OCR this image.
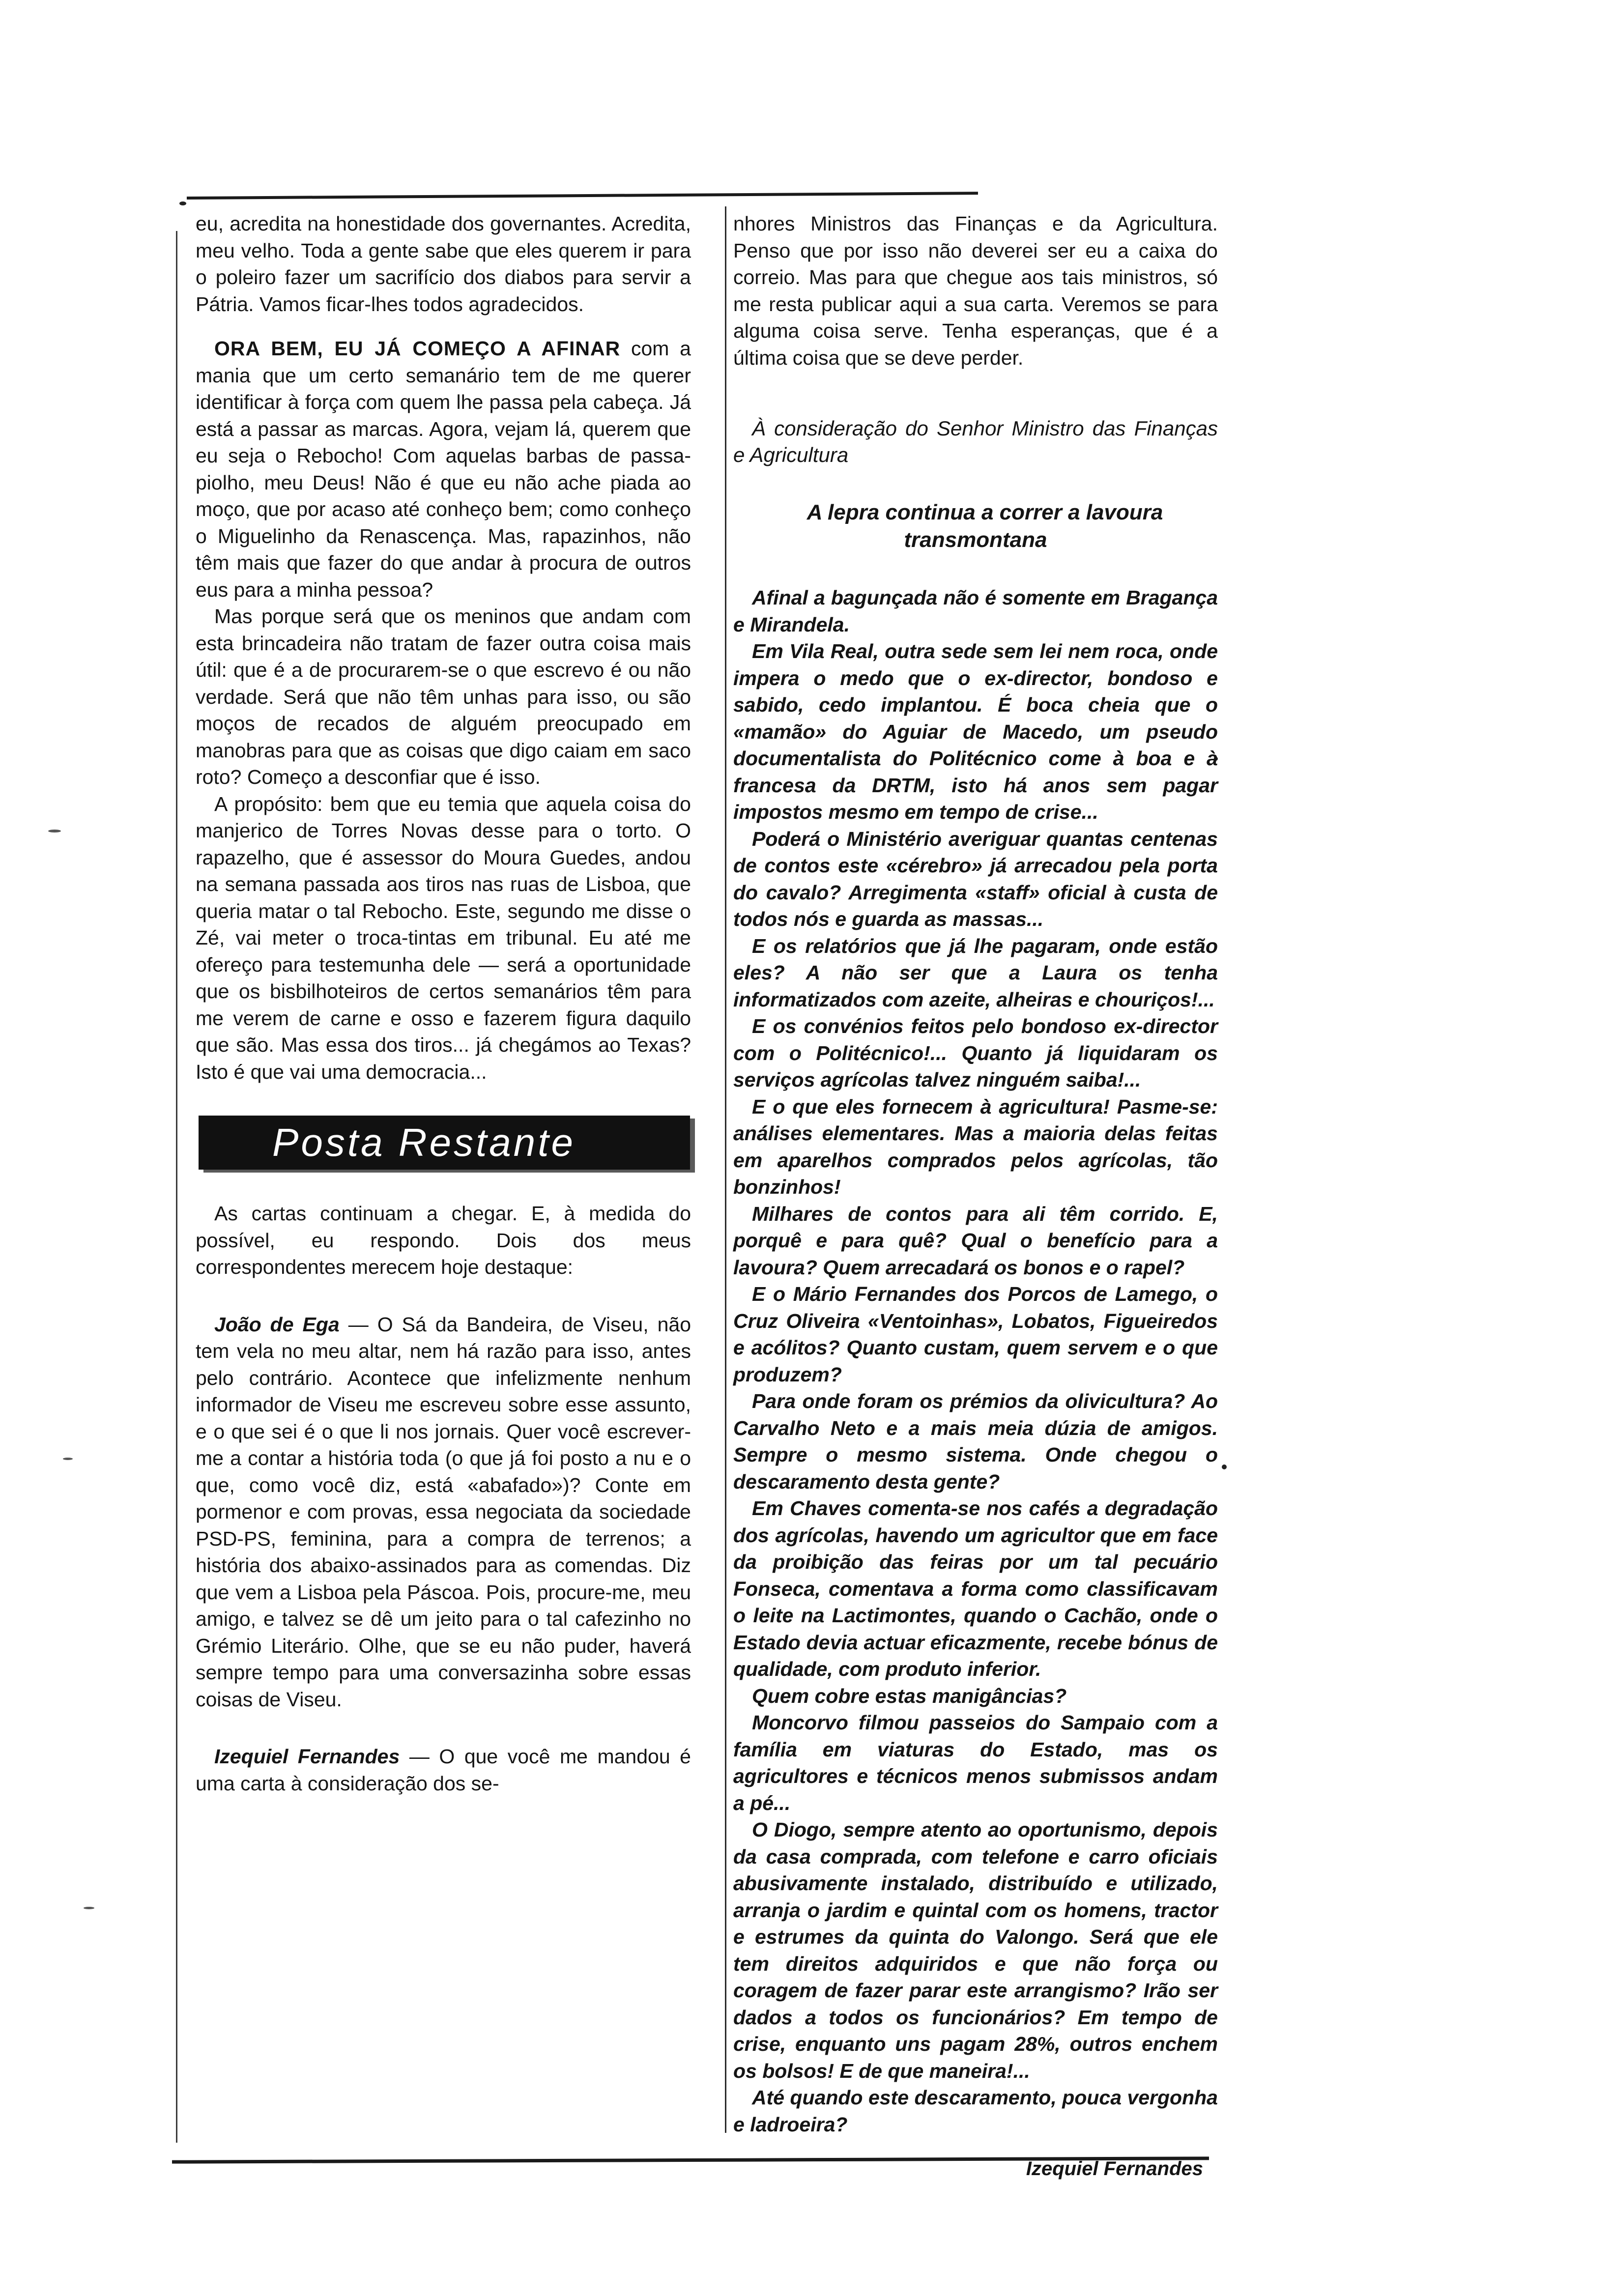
eu, acredita na honestidade dos governantes. Acredita, meu velho. Toda a gente sabe que eles querem ir para o poleiro fazer um sacrifício dos diabos para servir a Pátria. Vamos ficar-lhes todos agradecidos.

ORA BEM, EU JÁ COMEÇO A AFINAR com a mania que um certo semanário tem de me querer identificar à força com quem lhe passa pela cabeça. Já está a passar as marcas. Agora, vejam lá, querem que eu seja o Rebocho! Com aquelas barbas de passa-piolho, meu Deus! Não é que eu não ache piada ao moço, que por acaso até conheço bem; como conheço o Miguelinho da Renascença. Mas, rapazinhos, não têm mais que fazer do que andar à procura de outros eus para a minha pessoa?

Mas porque será que os meninos que andam com esta brincadeira não tratam de fazer outra coisa mais útil: que é a de procurarem-se o que escrevo é ou não verdade. Será que não têm unhas para isso, ou são moços de recados de alguém preocupado em manobras para que as coisas que digo caiam em saco roto? Começo a desconfiar que é isso.

A propósito: bem que eu temia que aquela coisa do manjerico de Torres Novas desse para o torto. O rapazelho, que é assessor do Moura Guedes, andou na semana passada aos tiros nas ruas de Lisboa, que queria matar o tal Rebocho. Este, segundo me disse o Zé, vai meter o troca-tintas em tribunal. Eu até me ofereço para testemunha dele — será a oportunidade que os bisbilhoteiros de certos semanários têm para me verem de carne e osso e fazerem figura daquilo que são. Mas essa dos tiros... já chegámos ao Texas? Isto é que vai uma democracia...

Posta Restante

As cartas continuam a chegar. E, à medida do possível, eu respondo. Dois dos meus correspondentes merecem hoje destaque:

João de Ega — O Sá da Bandeira, de Viseu, não tem vela no meu altar, nem há razão para isso, antes pelo contrário. Acontece que infelizmente nenhum informador de Viseu me escreveu sobre esse assunto, e o que sei é o que li nos jornais. Quer você escrever-me a contar a história toda (o que já foi posto a nu e o que, como você diz, está «abafado»)? Conte em pormenor e com provas, essa negociata da sociedade PSD-PS, feminina, para a compra de terrenos; a história dos abaixo-assinados para as comendas. Diz que vem a Lisboa pela Páscoa. Pois, procure-me, meu amigo, e talvez se dê um jeito para o tal cafezinho no Grémio Literário. Olhe, que se eu não puder, haverá sempre tempo para uma conversazinha sobre essas coisas de Viseu.

Izequiel Fernandes — O que você me mandou é uma carta à consideração dos se-

nhores Ministros das Finanças e da Agricultura. Penso que por isso não deverei ser eu a caixa do correio. Mas para que chegue aos tais ministros, só me resta publicar aqui a sua carta. Veremos se para alguma coisa serve. Tenha esperanças, que é a última coisa que se deve perder.

À consideração do Senhor Ministro das Finanças e Agricultura

A lepra continua a correr a lavoura transmontana

Afinal a bagunçada não é somente em Bragança e Mirandela.

Em Vila Real, outra sede sem lei nem roca, onde impera o medo que o ex-director, bondoso e sabido, cedo implantou. É boca cheia que o «mamão» do Aguiar de Macedo, um pseudo documentalista do Politécnico come à boa e à francesa da DRTM, isto há anos sem pagar impostos mesmo em tempo de crise...

Poderá o Ministério averiguar quantas centenas de contos este «cérebro» já arrecadou pela porta do cavalo? Arregimenta «staff» oficial à custa de todos nós e guarda as massas...

E os relatórios que já lhe pagaram, onde estão eles? A não ser que a Laura os tenha informatizados com azeite, alheiras e chouriços!...

E os convénios feitos pelo bondoso ex-director com o Politécnico!... Quanto já liquidaram os serviços agrícolas talvez ninguém saiba!...

E o que eles fornecem à agricultura! Pasme-se: análises elementares. Mas a maioria delas feitas em aparelhos comprados pelos agrícolas, tão bonzinhos!

Milhares de contos para ali têm corrido. E, porquê e para quê? Qual o benefício para a lavoura? Quem arrecadará os bonos e o rapel?

E o Mário Fernandes dos Porcos de Lamego, o Cruz Oliveira «Ventoinhas», Lobatos, Figueiredos e acólitos? Quanto custam, quem servem e o que produzem?

Para onde foram os prémios da olivicultura? Ao Carvalho Neto e a mais meia dúzia de amigos. Sempre o mesmo sistema. Onde chegou o descaramento desta gente?

Em Chaves comenta-se nos cafés a degradação dos agrícolas, havendo um agricultor que em face da proibição das feiras por um tal pecuário Fonseca, comentava a forma como classificavam o leite na Lactimontes, quando o Cachão, onde o Estado devia actuar eficazmente, recebe bónus de qualidade, com produto inferior.

Quem cobre estas manigâncias?

Moncorvo filmou passeios do Sampaio com a família em viaturas do Estado, mas os agricultores e técnicos menos submissos andam a pé...

O Diogo, sempre atento ao oportunismo, depois da casa comprada, com telefone e carro oficiais abusivamente instalado, distribuído e utilizado, arranja o jardim e quintal com os homens, tractor e estrumes da quinta do Valongo. Será que ele tem direitos adquiridos e que não força ou coragem de fazer parar este arrangismo? Irão ser dados a todos os funcionários? Em tempo de crise, enquanto uns pagam 28%, outros enchem os bolsos! E de que maneira!...

Até quando este descaramento, pouca vergonha e ladroeira?

Izequiel Fernandes
